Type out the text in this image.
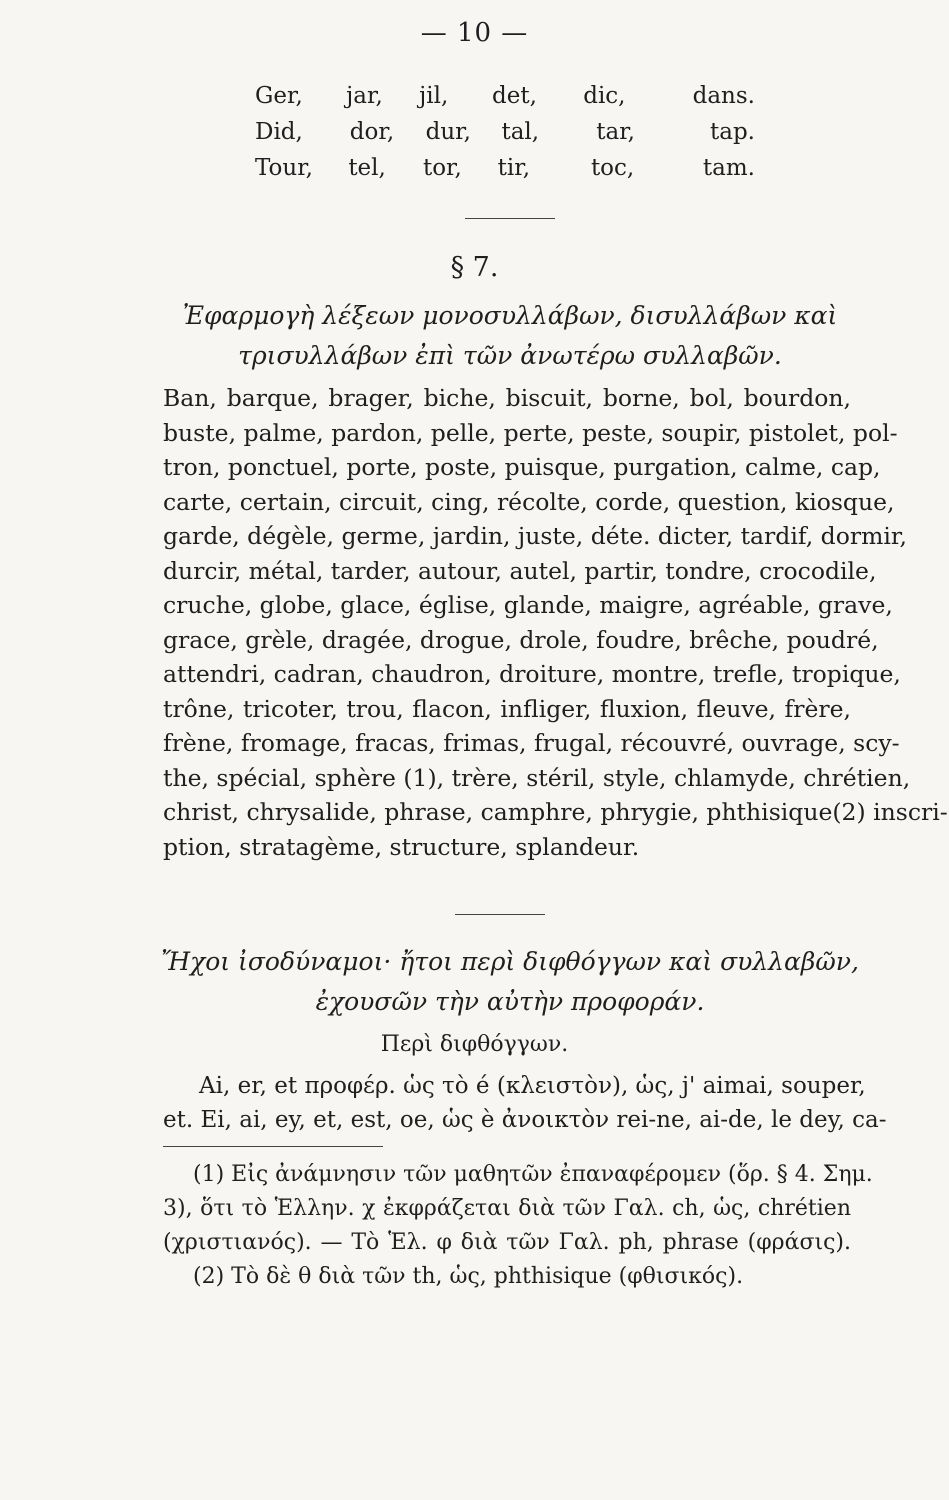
— 10 —
Ger,	jar,	jil,	det,	dic,	dans.
Did,	dor,	dur,	tal,	tar,	tap.
Tour,	tel,	tor,	tir,	toc,	tam.
§ 7.
Ἐφαρμογὴ λέξεων μονοσυλλάβων, δισυλλάβων καὶ
τρισυλλάβων ἐπὶ τῶν ἀνωτέρω συλλαβῶν.
Ban, barque, brager, biche, biscuit, borne, bol, bourdon,
buste, palme, pardon, pelle, perte, peste, soupir, pistolet, pol-
tron, ponctuel, porte, poste, puisque, purgation, calme, cap,
carte, certain, circuit, cing, récolte, corde, question, kiosque,
garde, dégèle, germe, jardin, juste, déte. dicter, tardif, dormir,
durcir, métal, tarder, autour, autel, partir, tondre, crocodile,
cruche, globe, glace, église, glande, maigre, agréable, grave,
grace, grèle, dragée, drogue, drole, foudre, brêche, poudré,
attendri, cadran, chaudron, droiture, montre, trefle, tropique,
trône, tricoter, trou, flacon, infliger, fluxion, fleuve, frère,
frène, fromage, fracas, frimas, frugal, récouvré, ouvrage, scy-
the, spécial, sphère (1), trère, stéril, style, chlamyde, chrétien,
christ, chrysalide, phrase, camphre, phrygie, phthisique(2) inscri-
ption, stratagème, structure, splandeur.
Ἤχοι ἰσοδύναμοι· ἤτοι περὶ διφθόγγων καὶ συλλαβῶν,
ἐχουσῶν τὴν αὐτὴν προφοράν.
Περὶ διφθόγγων.
Ai, er, et προφέρ. ὡς τὸ é (κλειστὸν), ὡς, j' aimai, souper,
et. Ei, ai, ey, et, est, oe, ὡς è ἀνοικτὸν rei-ne, ai-de, le dey, ca-
(1) Εἰς ἀνάμνησιν τῶν μαθητῶν ἐπαναφέρομεν (ὅρ. § 4. Σημ.
3), ὅτι τὸ Ἑλλην. χ ἐκφράζεται διὰ τῶν Γαλ. ch, ὡς, chrétien
(χριστιανός). — Τὸ Ἑλ. φ διὰ τῶν Γαλ. ph, phrase (φράσις).
(2) Τὸ δὲ θ διὰ τῶν th, ὡς, phthisique (φθισικός).
